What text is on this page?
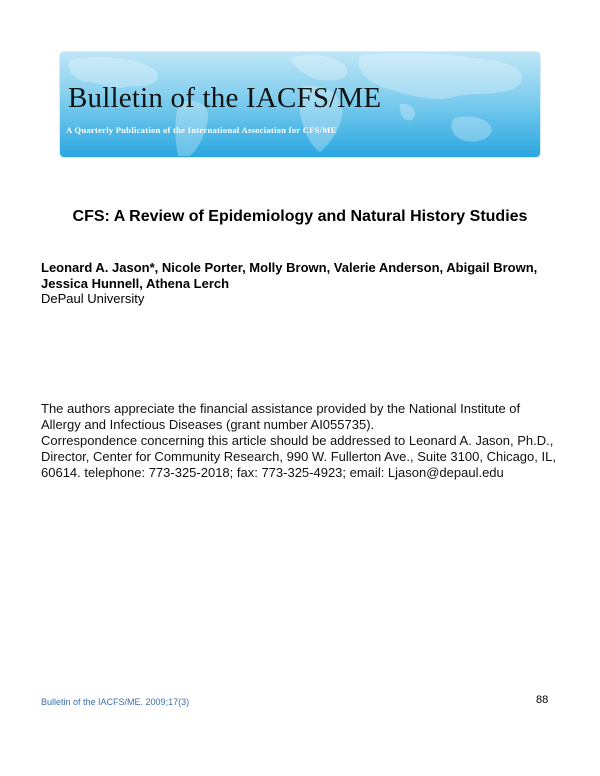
Bulletin of the IACFS/ME
A Quarterly Publication of the International Association for CFS/ME
CFS: A Review of Epidemiology and Natural History Studies

Leonard A. Jason*, Nicole Porter, Molly Brown, Valerie Anderson, Abigail Brown, Jessica Hunnell, Athena Lerch

DePaul University

The authors appreciate the financial assistance provided by the National Institute of Allergy and Infectious Diseases (grant number AI055735).
Correspondence concerning this article should be addressed to Leonard A. Jason, Ph.D., Director, Center for Community Research, 990 W. Fullerton Ave., Suite 3100, Chicago, IL, 60614. telephone: 773-325-2018; fax: 773-325-4923; email: Ljason@depaul.edu
Bulletin of the IACFS/ME. 2009;17(3)	88
